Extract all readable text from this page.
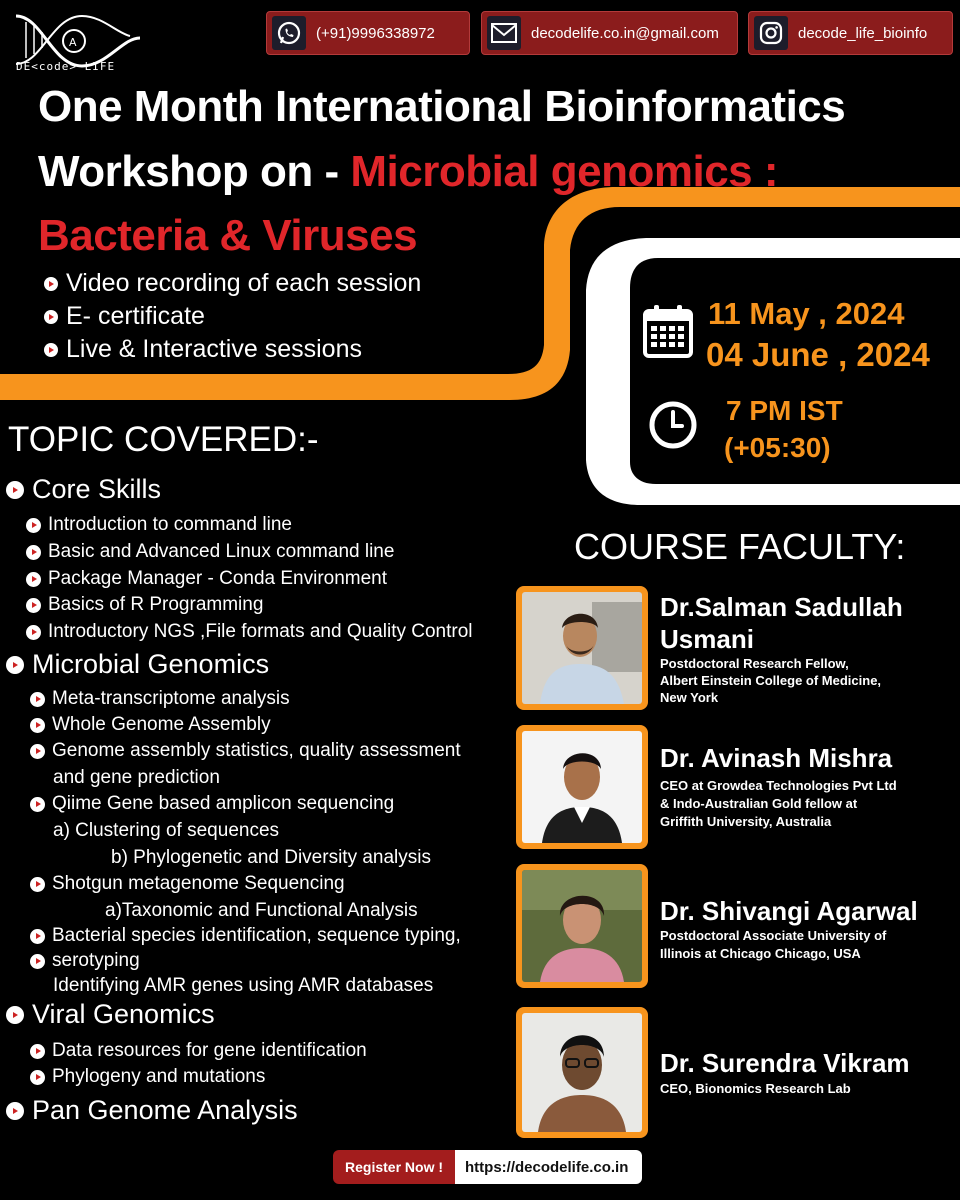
A
DE<code> LIFE
(+91)9996338972	decodelife.co.in@gmail.com	decode_life_bioinfo
One Month International Bioinformatics
Workshop on - Microbial genomics :
Bacteria & Viruses
Video recording of each session
E- certificate
Live & Interactive sessions
11 May , 2024
04 June , 2024
7 PM IST
(+05:30)
TOPIC COVERED:-
Core Skills
Introduction to command line
Basic and Advanced Linux command line
Package Manager - Conda Environment
Basics of R Programming
Introductory NGS ,File formats and Quality Control
Microbial Genomics
Meta-transcriptome analysis
Whole Genome Assembly
Genome assembly statistics, quality assessment
and gene prediction
Qiime Gene based amplicon sequencing
a) Clustering of sequences
b) Phylogenetic and Diversity analysis
Shotgun metagenome Sequencing
a)Taxonomic and Functional Analysis
Bacterial species identification, sequence typing,
serotyping
Identifying AMR genes using AMR databases
Viral Genomics
Data resources for gene identification
Phylogeny and mutations
Pan Genome Analysis
COURSE FACULTY:
Dr.Salman Sadullah
Usmani
Postdoctoral Research Fellow,
Albert Einstein College of Medicine,
New York
Dr. Avinash Mishra
CEO at Growdea Technologies Pvt Ltd
& Indo-Australian Gold fellow at
Griffith University, Australia
Dr. Shivangi Agarwal
Postdoctoral Associate University of
Illinois at Chicago Chicago, USA
Dr. Surendra Vikram
CEO, Bionomics Research Lab
Register Now !	https://decodelife.co.in
